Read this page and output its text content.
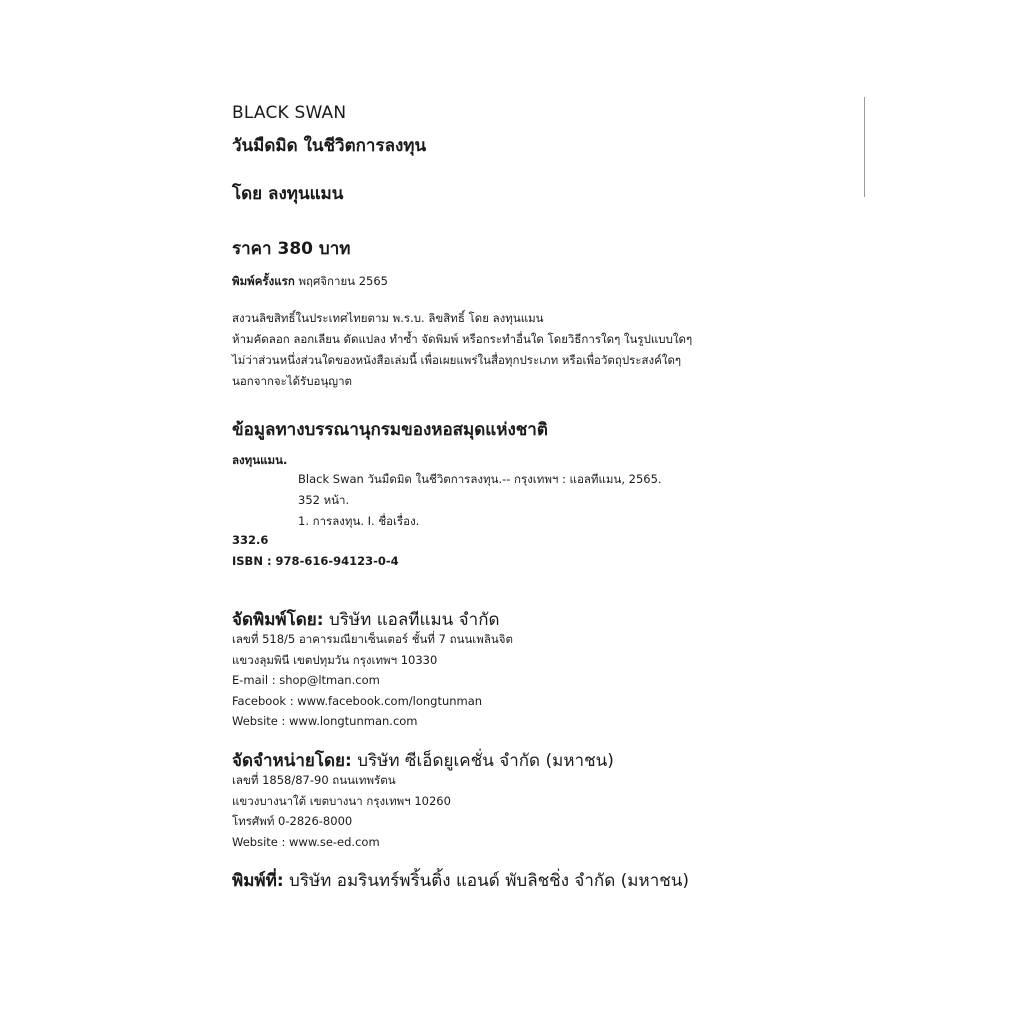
BLACK SWAN
วันมืดมิด ในชีวิตการลงทุน
โดย ลงทุนแมน
ราคา 380 บาท
พิมพ์ครั้งแรก พฤศจิกายน 2565
สงวนลิขสิทธิ์ในประเทศไทยตาม พ.ร.บ. ลิขสิทธิ์ โดย ลงทุนแมน
ห้ามคัดลอก ลอกเลียน ดัดแปลง ทำซ้ำ จัดพิมพ์ หรือกระทำอื่นใด โดยวิธีการใดๆ ในรูปแบบใดๆ
ไม่ว่าส่วนหนึ่งส่วนใดของหนังสือเล่มนี้ เพื่อเผยแพร่ในสื่อทุกประเภท หรือเพื่อวัตถุประสงค์ใดๆ
นอกจากจะได้รับอนุญาต
ข้อมูลทางบรรณานุกรมของหอสมุดแห่งชาติ
ลงทุนแมน.
Black Swan วันมืดมิด ในชีวิตการลงทุน.-- กรุงเทพฯ : แอลทีแมน, 2565.
352 หน้า.
1. การลงทุน. I. ชื่อเรื่อง.
332.6
ISBN : 978-616-94123-0-4
จัดพิมพ์โดย: บริษัท แอลทีแมน จำกัด
เลขที่ 518/5 อาคารมณียาเซ็นเตอร์ ชั้นที่ 7 ถนนเพลินจิต
แขวงลุมพินี เขตปทุมวัน กรุงเทพฯ 10330
E-mail : shop@ltman.com
Facebook : www.facebook.com/longtunman
Website : www.longtunman.com
จัดจำหน่ายโดย: บริษัท ซีเอ็ดยูเคชั่น จำกัด (มหาชน)
เลขที่ 1858/87-90 ถนนเทพรัตน
แขวงบางนาใต้ เขตบางนา กรุงเทพฯ 10260
โทรศัพท์ 0-2826-8000
Website : www.se-ed.com
พิมพ์ที่: บริษัท อมรินทร์พริ้นติ้ง แอนด์ พับลิชชิ่ง จำกัด (มหาชน)
